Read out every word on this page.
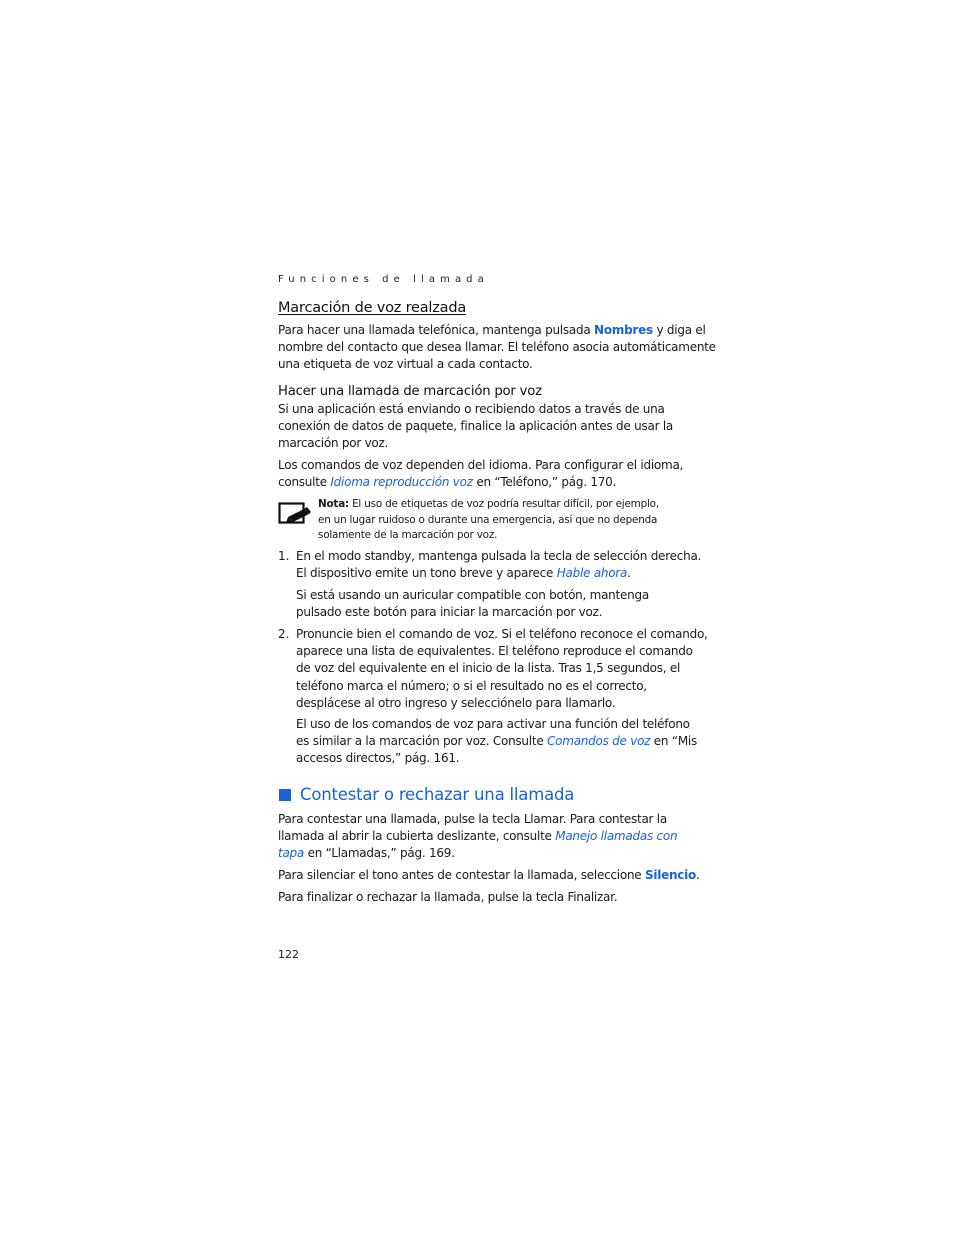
Funciones de llamada
Marcación de voz realzada
Para hacer una llamada telefónica, mantenga pulsada Nombres y diga el
nombre del contacto que desea llamar. El teléfono asocia automáticamente
una etiqueta de voz virtual a cada contacto.
Hacer una llamada de marcación por voz
Si una aplicación está enviando o recibiendo datos a través de una
conexión de datos de paquete, finalice la aplicación antes de usar la
marcación por voz.
Los comandos de voz dependen del idioma. Para configurar el idioma,
consulte Idioma reproducción voz en “Teléfono,” pág. 170.
Nota: El uso de etiquetas de voz podría resultar difícil, por ejemplo,
en un lugar ruidoso o durante una emergencia, así que no dependa
solamente de la marcación por voz.
1. En el modo standby, mantenga pulsada la tecla de selección derecha.
El dispositivo emite un tono breve y aparece Hable ahora.
Si está usando un auricular compatible con botón, mantenga
pulsado este botón para iniciar la marcación por voz.
2. Pronuncie bien el comando de voz. Si el teléfono reconoce el comando,
aparece una lista de equivalentes. El teléfono reproduce el comando
de voz del equivalente en el inicio de la lista. Tras 1,5 segundos, el
teléfono marca el número; o si el resultado no es el correcto,
desplácese al otro ingreso y selecciónelo para llamarlo.
El uso de los comandos de voz para activar una función del teléfono
es similar a la marcación por voz. Consulte Comandos de voz en “Mis
accesos directos,” pág. 161.
Contestar o rechazar una llamada
Para contestar una llamada, pulse la tecla Llamar. Para contestar la
llamada al abrir la cubierta deslizante, consulte Manejo llamadas con
tapa en “Llamadas,” pág. 169.
Para silenciar el tono antes de contestar la llamada, seleccione Silencio.
Para finalizar o rechazar la llamada, pulse la tecla Finalizar.
122
